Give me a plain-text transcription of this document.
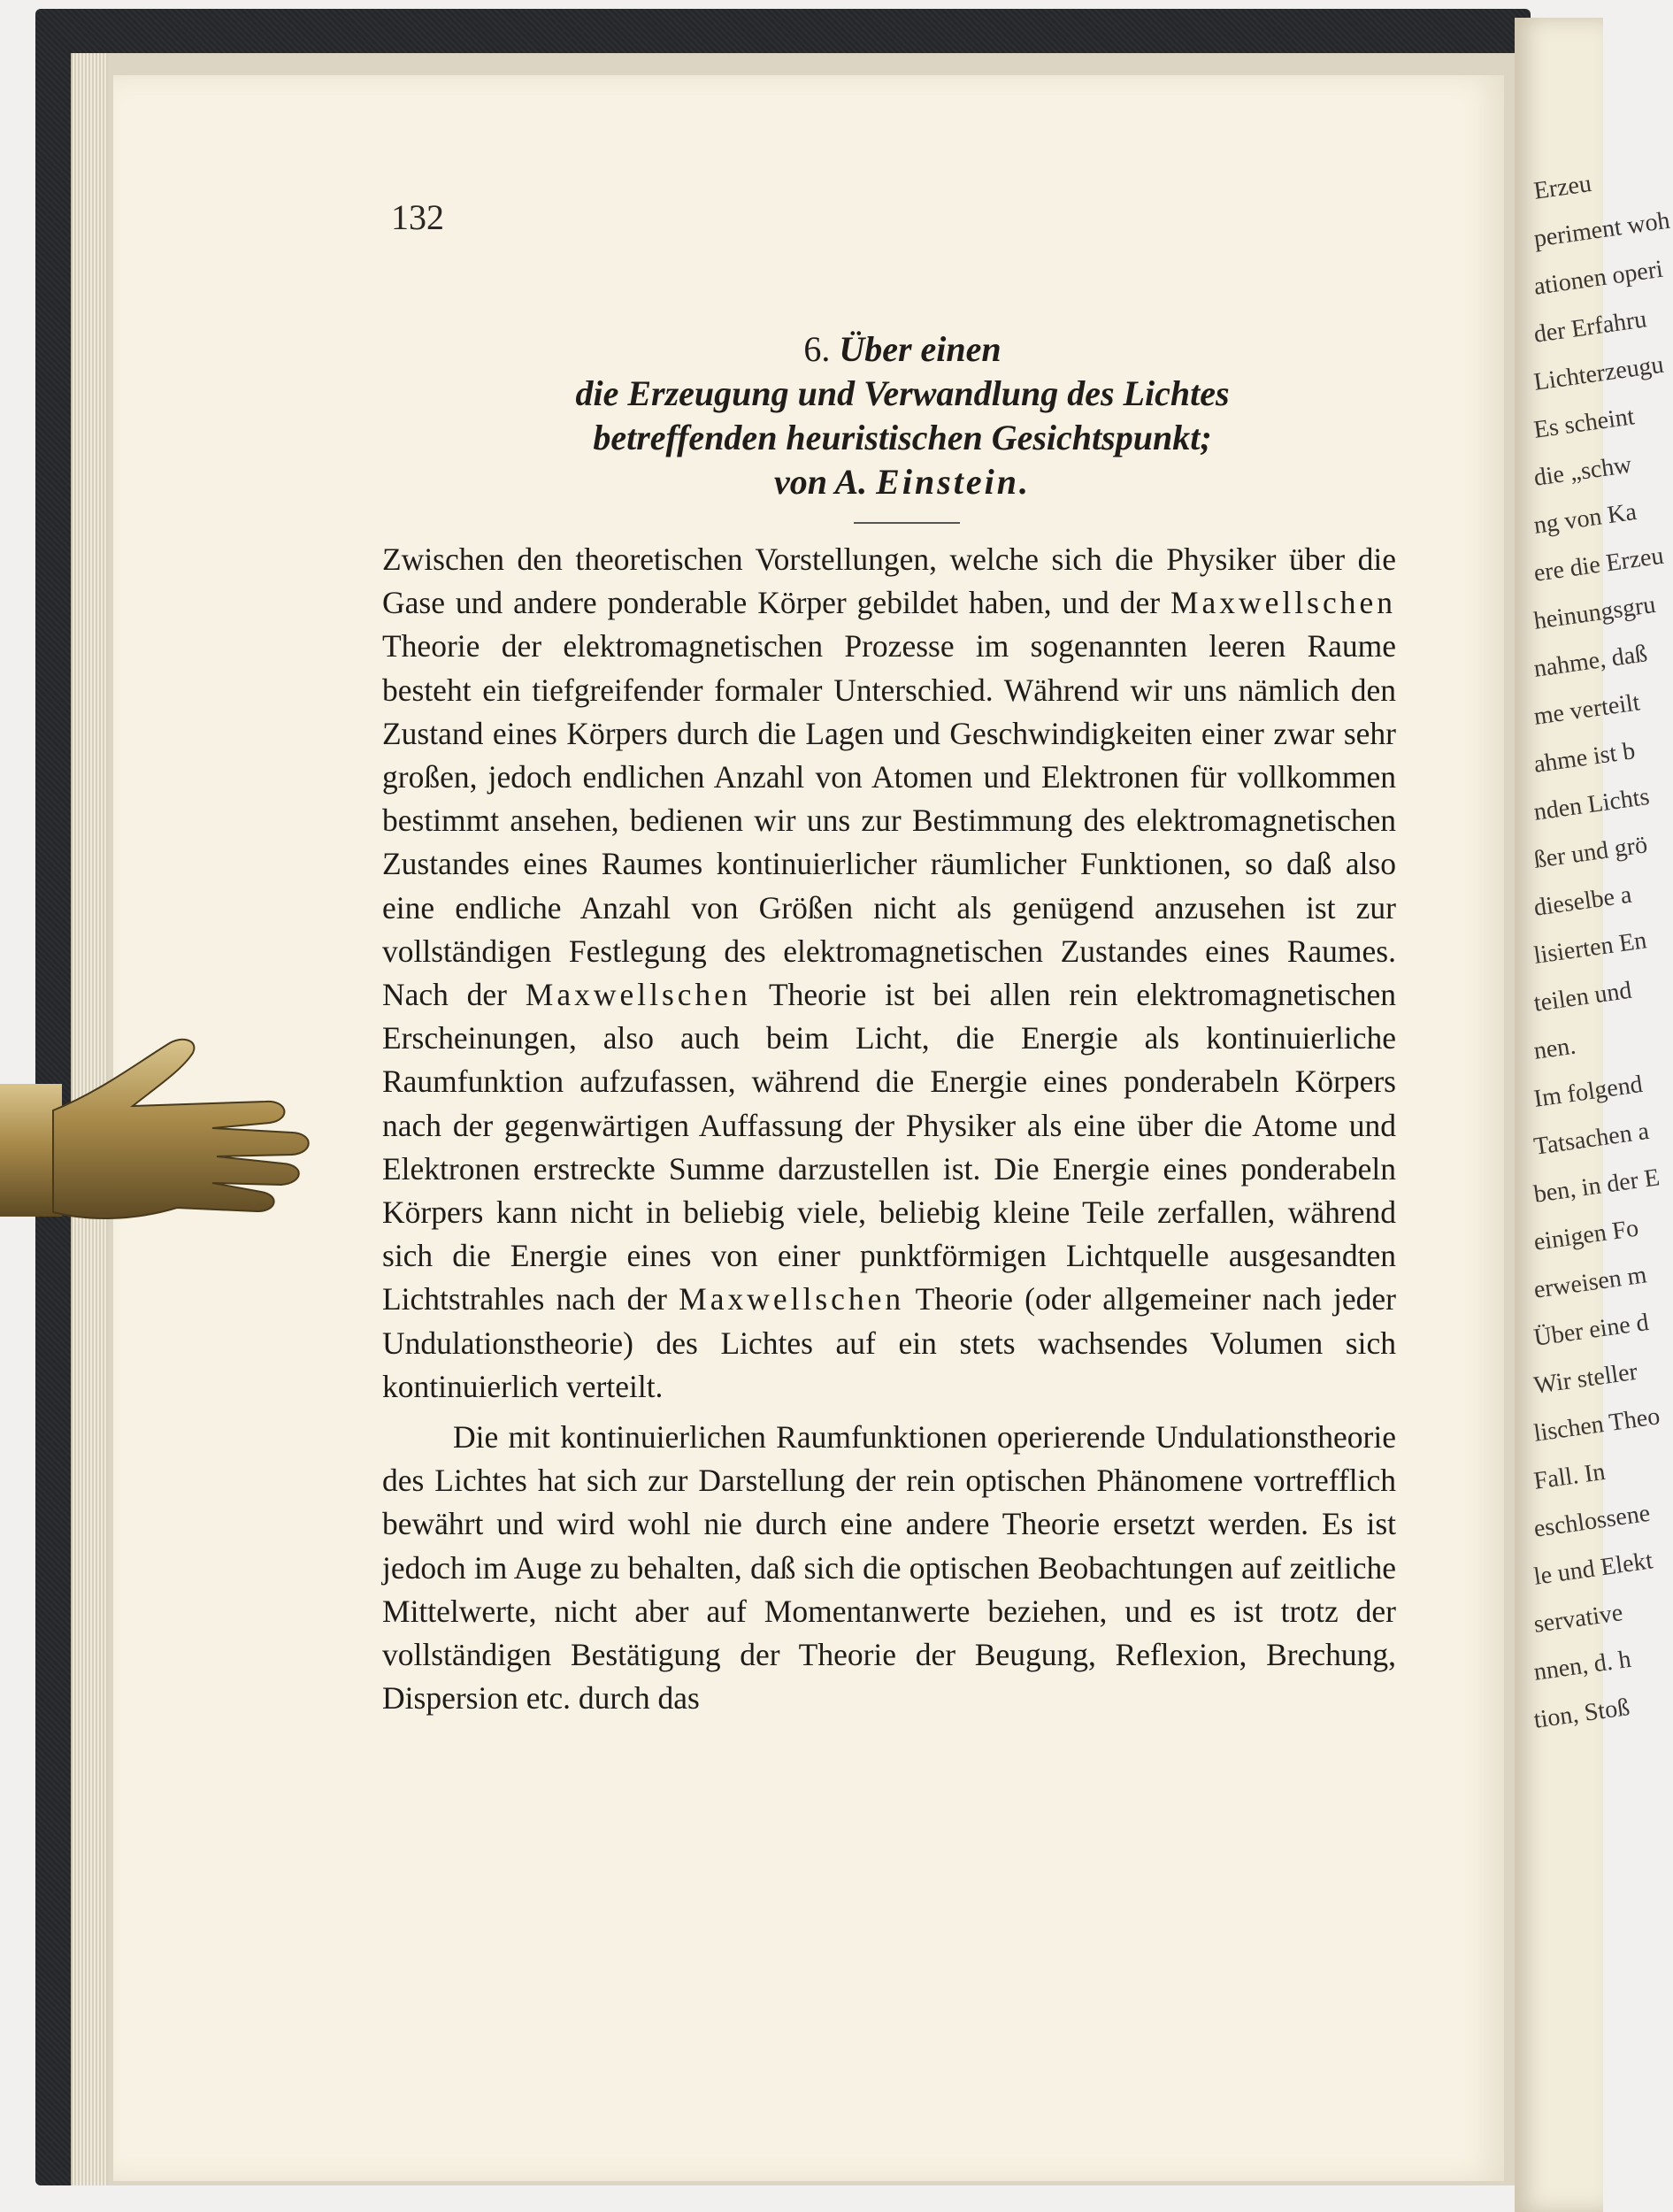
Erzeu
periment woh
ationen operi
der Erfahru
Lichterzeugu
Es scheint
die „schw
ng von Ka
ere die Erzeu
heinungsgru
nahme, daß
me verteilt
ahme ist b
nden Lichts
ßer und grö
dieselbe a
lisierten En
teilen und
nen.
Im folgend
Tatsachen a
ben, in der E
einigen Fo
erweisen m
Über eine d
Wir steller
lischen Theo
Fall. In
eschlossene
le und Elekt
servative
nnen, d. h
tion, Stoß
132
6. Über einen
die Erzeugung und Verwandlung des Lichtes
betreffenden heuristischen Gesichtspunkt;
von A. Einstein.

Zwischen den theoretischen Vorstellungen, welche sich die Physiker über die Gase und andere ponderable Körper gebildet haben, und der Maxwellschen Theorie der elektromagnetischen Prozesse im sogenannten leeren Raume besteht ein tiefgreifender formaler Unterschied. Während wir uns nämlich den Zustand eines Körpers durch die Lagen und Geschwindigkeiten einer zwar sehr großen, jedoch endlichen Anzahl von Atomen und Elektronen für vollkommen bestimmt ansehen, bedienen wir uns zur Bestimmung des elektromagnetischen Zustandes eines Raumes kontinuierlicher räumlicher Funktionen, so daß also eine endliche Anzahl von Größen nicht als genügend anzusehen ist zur vollständigen Festlegung des elektromagnetischen Zustandes eines Raumes. Nach der Maxwellschen Theorie ist bei allen rein elektromagnetischen Erscheinungen, also auch beim Licht, die Energie als kontinuierliche Raumfunktion aufzufassen, während die Energie eines ponderabeln Körpers nach der gegenwärtigen Auffassung der Physiker als eine über die Atome und Elektronen erstreckte Summe darzustellen ist. Die Energie eines ponderabeln Körpers kann nicht in beliebig viele, beliebig kleine Teile zerfallen, während sich die Energie eines von einer punktförmigen Lichtquelle ausgesandten Lichtstrahles nach der Maxwellschen Theorie (oder allgemeiner nach jeder Undulationstheorie) des Lichtes auf ein stets wachsendes Volumen sich kontinuierlich verteilt.

Die mit kontinuierlichen Raumfunktionen operierende Undulationstheorie des Lichtes hat sich zur Darstellung der rein optischen Phänomene vortrefflich bewährt und wird wohl nie durch eine andere Theorie ersetzt werden. Es ist jedoch im Auge zu behalten, daß sich die optischen Beobachtungen auf zeitliche Mittelwerte, nicht aber auf Momentanwerte beziehen, und es ist trotz der vollständigen Bestätigung der Theorie der Beugung, Reflexion, Brechung, Dispersion etc. durch das
